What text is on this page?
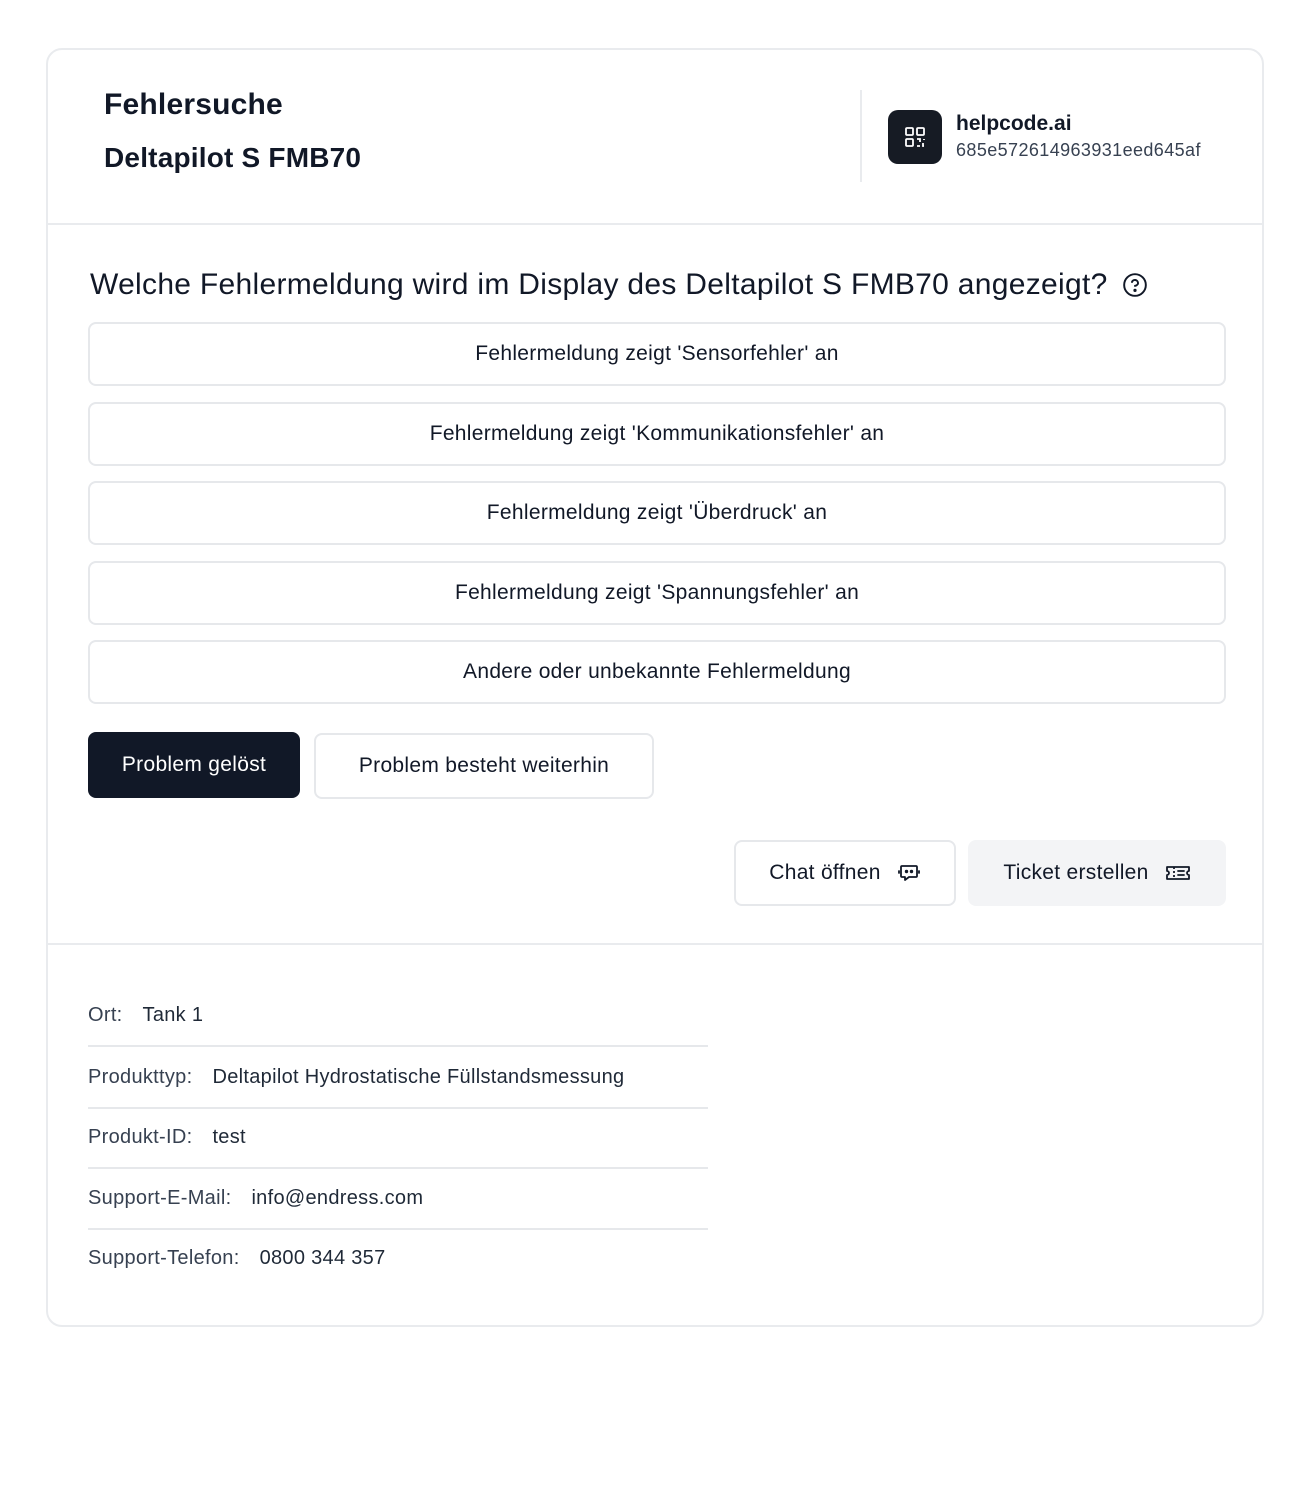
Fehlersuche
Deltapilot S FMB70
helpcode.ai
685e572614963931eed645af
Welche Fehlermeldung wird im Display des Deltapilot S FMB70 angezeigt?
Fehlermeldung zeigt 'Sensorfehler' an
Fehlermeldung zeigt 'Kommunikationsfehler' an
Fehlermeldung zeigt 'Überdruck' an
Fehlermeldung zeigt 'Spannungsfehler' an
Andere oder unbekannte Fehlermeldung
Problem gelöst	Problem besteht weiterhin
Chat öffnen	Ticket erstellen
Ort: Tank 1
Produkttyp: Deltapilot Hydrostatische Füllstandsmessung
Produkt-ID: test
Support-E-Mail: info@endress.com
Support-Telefon: 0800 344 357
